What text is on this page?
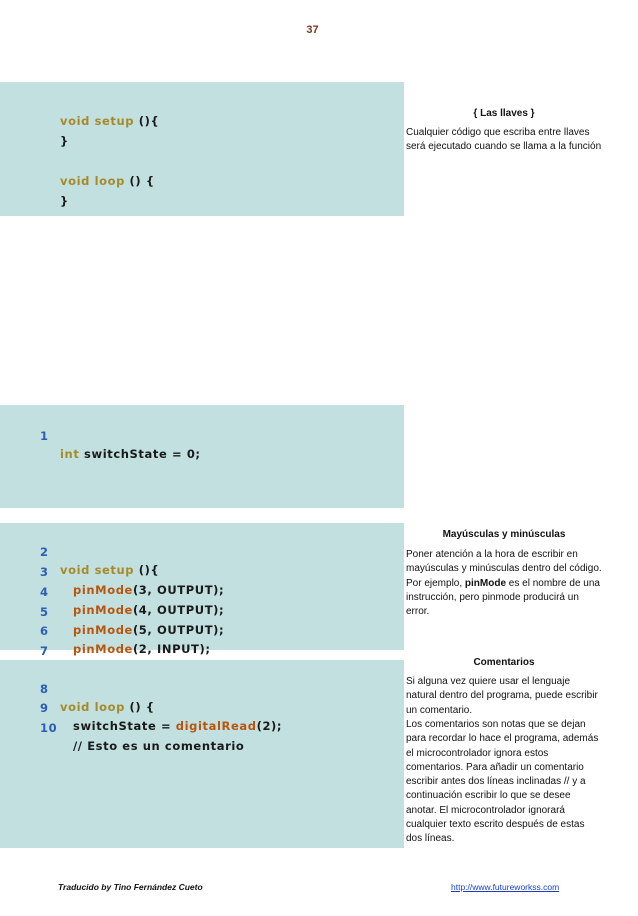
37

void setup (){

}

void loop () {

}

1

int switchState = 0;

2

void setup (){

3

pinMode(3, OUTPUT);

4

pinMode(4, OUTPUT);

5

pinMode(5, OUTPUT);

6

pinMode(2, INPUT);

7

8

void loop () {

9

switchState = digitalRead(2);

10

// Esto es un comentario

{ Las llaves }
Cualquier código que escriba entre llaves será ejecutado cuando se llama a la función
Mayúsculas y minúsculas
Poner atención a la hora de escribir en mayúsculas y minúsculas dentro del código. Por ejemplo, pinMode es el nombre de una instrucción, pero pinmode producirá un error.
Comentarios
Si alguna vez quiere usar el lenguaje natural dentro del programa, puede escribir un comentario.
Los comentarios son notas que se dejan para recordar lo hace el programa, además el microcontrolador ignora estos comentarios. Para añadir un comentario escribir antes dos líneas inclinadas // y a continuación escribir lo que se desee anotar. El microcontrolador ignorará cualquier texto escrito después de estas dos líneas.
Traducido by Tino Fernández Cueto	http://www.futureworkss.com
